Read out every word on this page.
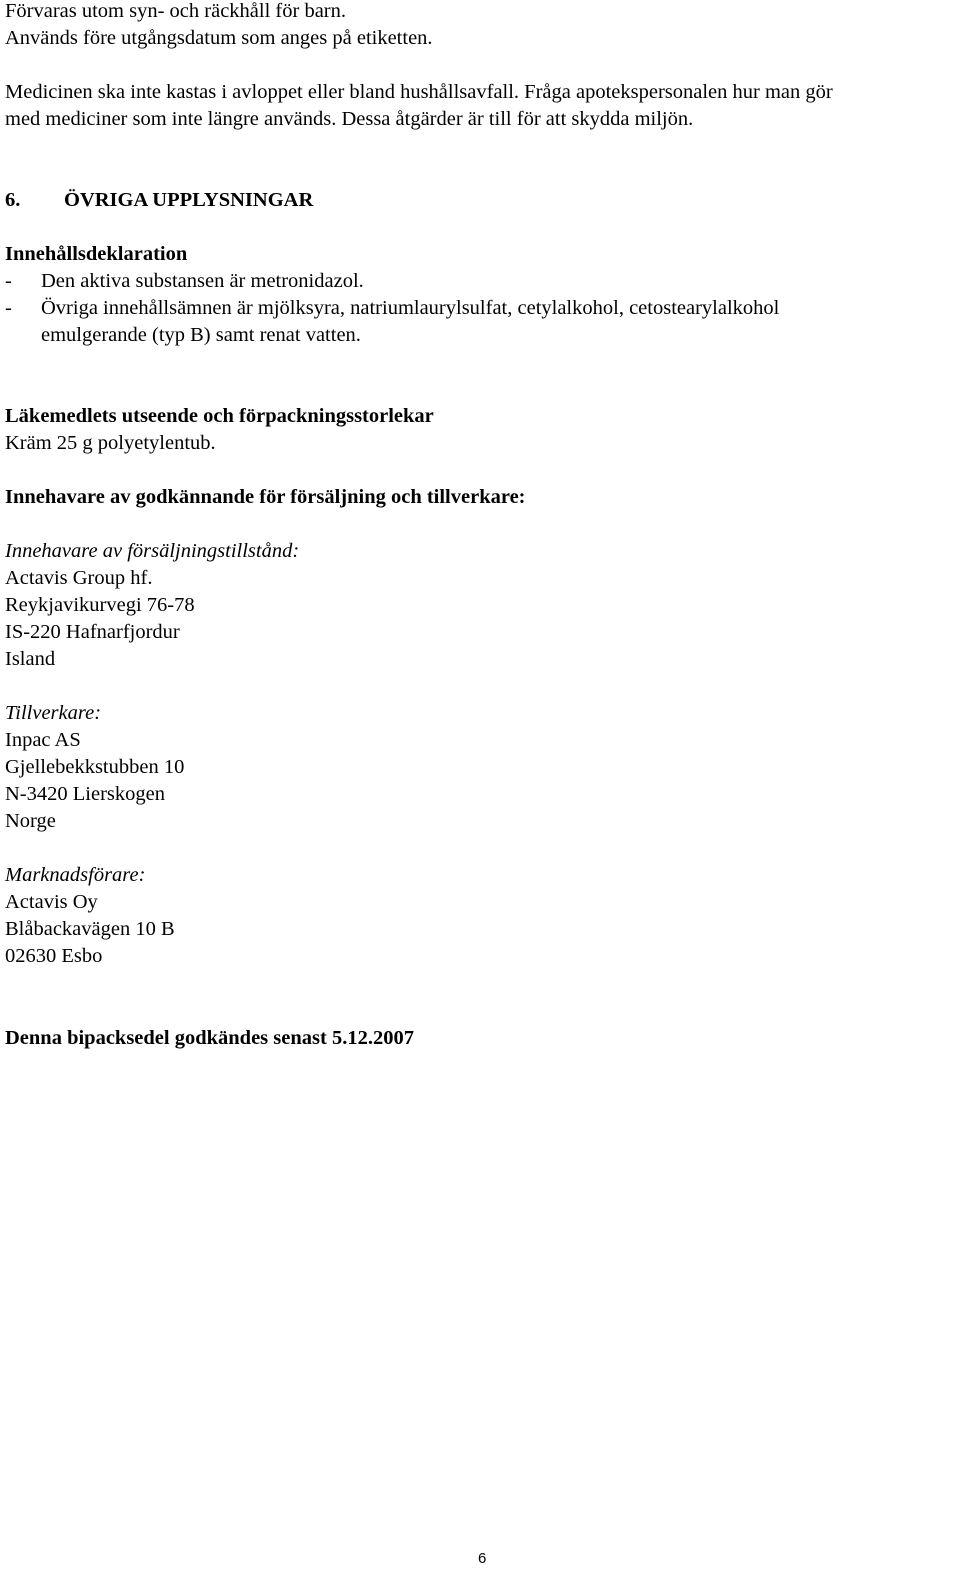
Förvaras utom syn- och räckhåll för barn.
Används före utgångsdatum som anges på etiketten.
Medicinen ska inte kastas i avloppet eller bland hushållsavfall. Fråga apotekspersonalen hur man gör
med mediciner som inte längre används. Dessa åtgärder är till för att skydda miljön.
6. ÖVRIGA UPPLYSNINGAR
Innehållsdeklaration
- Den aktiva substansen är metronidazol.
- Övriga innehållsämnen är mjölksyra, natriumlaurylsulfat, cetylalkohol, cetostearylalkohol
emulgerande (typ B) samt renat vatten.
Läkemedlets utseende och förpackningsstorlekar
Kräm 25 g polyetylentub.
Innehavare av godkännande för försäljning och tillverkare:
Innehavare av försäljningstillstånd:
Actavis Group hf.
Reykjavikurvegi 76-78
IS-220 Hafnarfjordur
Island
Tillverkare:
Inpac AS
Gjellebekkstubben 10
N-3420 Lierskogen
Norge
Marknadsförare:
Actavis Oy
Blåbackavägen 10 B
02630 Esbo
Denna bipacksedel godkändes senast 5.12.2007
6
